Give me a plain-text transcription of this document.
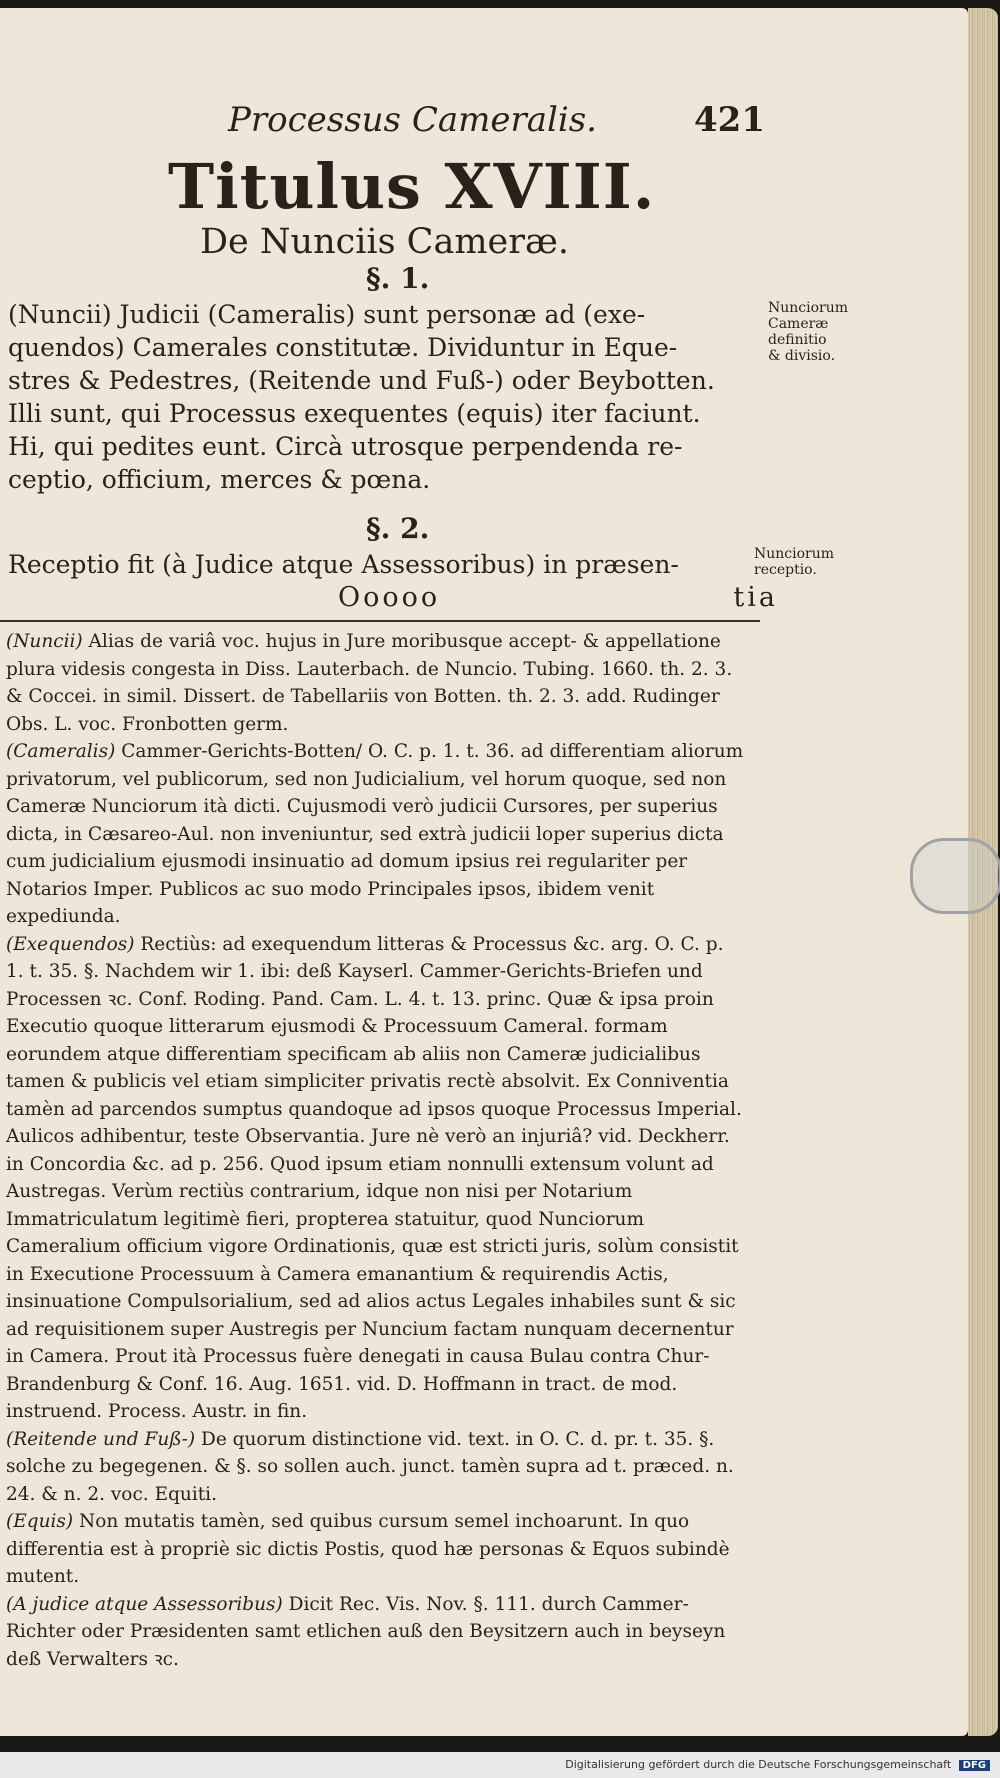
Processus Cameralis.	421
Titulus XVIII.
De Nunciis Cameræ.
§. 1.
(Nuncii) Judicii (Cameralis) sunt personæ ad (exe-
quendos) Camerales constitutæ. Dividuntur in Eque-
stres & Pedestres, (Reitende und Fuß-) oder Beybotten.
Illi sunt, qui Processus exequentes (equis) iter faciunt.
Hi, qui pedites eunt. Circà utrosque perpendenda re-
ceptio, officium, merces & pœna.
§. 2.
Receptio fit (à Judice atque Assessoribus) in præsen-
Ooooo	tia
Nunciorum Cameræ definitio & divisio.
Nunciorum receptio.

(Nuncii) Alias de variâ voc. hujus in Jure moribusque accept- & appellatione plura videsis congesta in Diss. Lauterbach. de Nuncio. Tubing. 1660. th. 2. 3. & Coccei. in simil. Dissert. de Tabellariis von Botten. th. 2. 3. add. Rudinger Obs. L. voc. Fronbotten germ.

(Cameralis) Cammer-Gerichts-Botten/ O. C. p. 1. t. 36. ad differentiam aliorum privatorum, vel publicorum, sed non Judicialium, vel horum quoque, sed non Cameræ Nunciorum ità dicti. Cujusmodi verò judicii Cursores, per superius dicta, in Cæsareo-Aul. non inveniuntur, sed extrà judicii loper superius dicta cum judicialium ejusmodi insinuatio ad domum ipsius rei regulariter per Notarios Imper. Publicos ac suo modo Principales ipsos, ibidem venit expediunda.

(Exequendos) Rectiùs: ad exequendum litteras & Processus &c. arg. O. C. p. 1. t. 35. §. Nachdem wir 1. ibi: deß Kayserl. Cammer-Gerichts-Briefen und Processen ꝛc. Conf. Roding. Pand. Cam. L. 4. t. 13. princ. Quæ & ipsa proin Executio quoque litterarum ejusmodi & Processuum Cameral. formam eorundem atque differentiam specificam ab aliis non Cameræ judicialibus tamen & publicis vel etiam simpliciter privatis rectè absolvit. Ex Conniventia tamèn ad parcendos sumptus quandoque ad ipsos quoque Processus Imperial. Aulicos adhibentur, teste Observantia. Jure nè verò an injuriâ? vid. Deckherr. in Concordia &c. ad p. 256. Quod ipsum etiam nonnulli extensum volunt ad Austregas. Verùm rectiùs contrarium, idque non nisi per Notarium Immatriculatum legitimè fieri, propterea statuitur, quod Nunciorum Cameralium officium vigore Ordinationis, quæ est stricti juris, solùm consistit in Executione Processuum à Camera emanantium & requirendis Actis, insinuatione Compulsorialium, sed ad alios actus Legales inhabiles sunt & sic ad requisitionem super Austregis per Nuncium factam nunquam decernentur in Camera. Prout ità Processus fuère denegati in causa Bulau contra Chur-Brandenburg & Conf. 16. Aug. 1651. vid. D. Hoffmann in tract. de mod. instruend. Process. Austr. in fin.

(Reitende und Fuß-) De quorum distinctione vid. text. in O. C. d. pr. t. 35. §. solche zu begegenen. & §. so sollen auch. junct. tamèn supra ad t. præced. n. 24. & n. 2. voc. Equiti.

(Equis) Non mutatis tamèn, sed quibus cursum semel inchoarunt. In quo differentia est à propriè sic dictis Postis, quod hæ personas & Equos subindè mutent.

(A judice atque Assessoribus) Dicit Rec. Vis. Nov. §. 111. durch Cammer-Richter oder Præsidenten samt etlichen auß den Beysitzern auch in beyseyn deß Verwalters ꝛc.

Digitalisierung gefördert durch die Deutsche Forschungsgemeinschaft DFG
